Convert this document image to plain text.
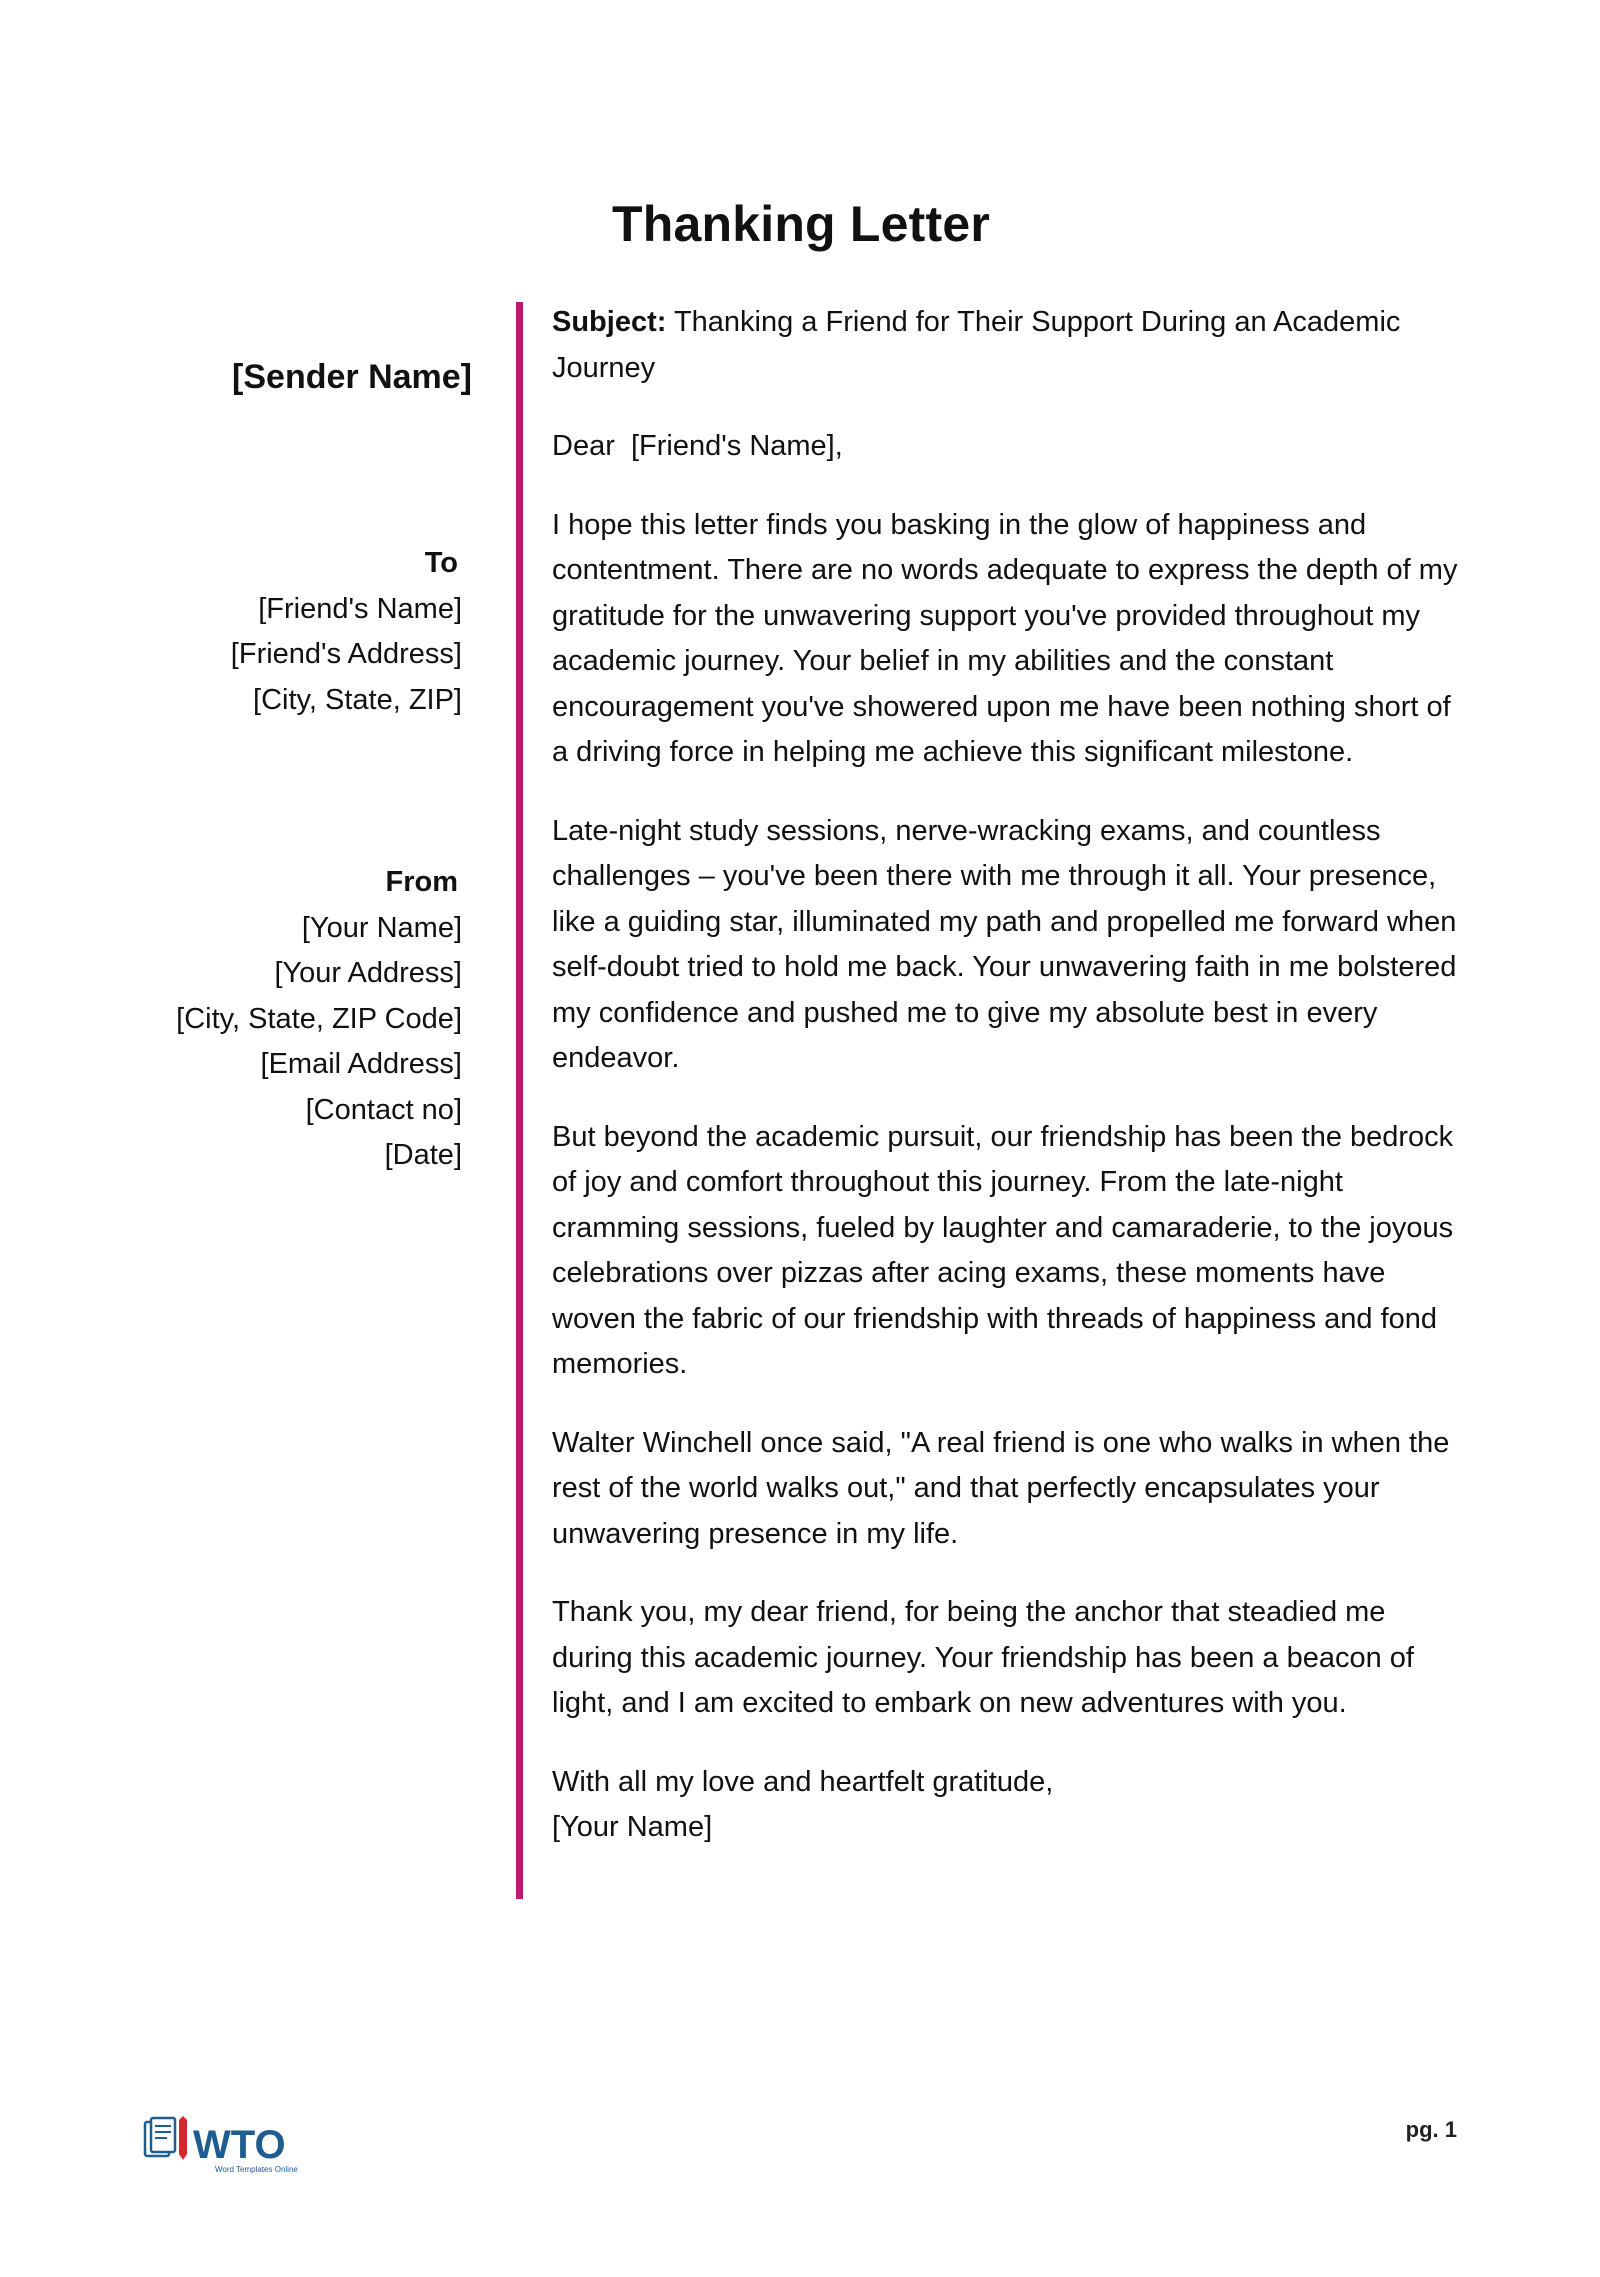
Thanking Letter
[Sender Name]
To
[Friend's Name]
[Friend's Address]
[City, State, ZIP]
From
[Your Name]
[Your Address]
[City, State, ZIP Code]
[Email Address]
[Contact no]
[Date]

Subject: Thanking a Friend for Their Support During an Academic Journey

Dear  [Friend's Name],

I hope this letter finds you basking in the glow of happiness and contentment. There are no words adequate to express the depth of my gratitude for the unwavering support you've provided throughout my academic journey. Your belief in my abilities and the constant encouragement you've showered upon me have been nothing short of a driving force in helping me achieve this significant milestone.

Late-night study sessions, nerve-wracking exams, and countless challenges – you've been there with me through it all. Your presence, like a guiding star, illuminated my path and propelled me forward when self-doubt tried to hold me back. Your unwavering faith in me bolstered my confidence and pushed me to give my absolute best in every endeavor.

But beyond the academic pursuit, our friendship has been the bedrock of joy and comfort throughout this journey. From the late-night cramming sessions, fueled by laughter and camaraderie, to the joyous celebrations over pizzas after acing exams, these moments have woven the fabric of our friendship with threads of happiness and fond memories.

Walter Winchell once said, "A real friend is one who walks in when the rest of the world walks out," and that perfectly encapsulates your unwavering presence in my life.

Thank you, my dear friend, for being the anchor that steadied me during this academic journey. Your friendship has been a beacon of light, and I am excited to embark on new adventures with you.

With all my love and heartfelt gratitude,
[Your Name]

WTO
Word Templates Online
pg. 1
